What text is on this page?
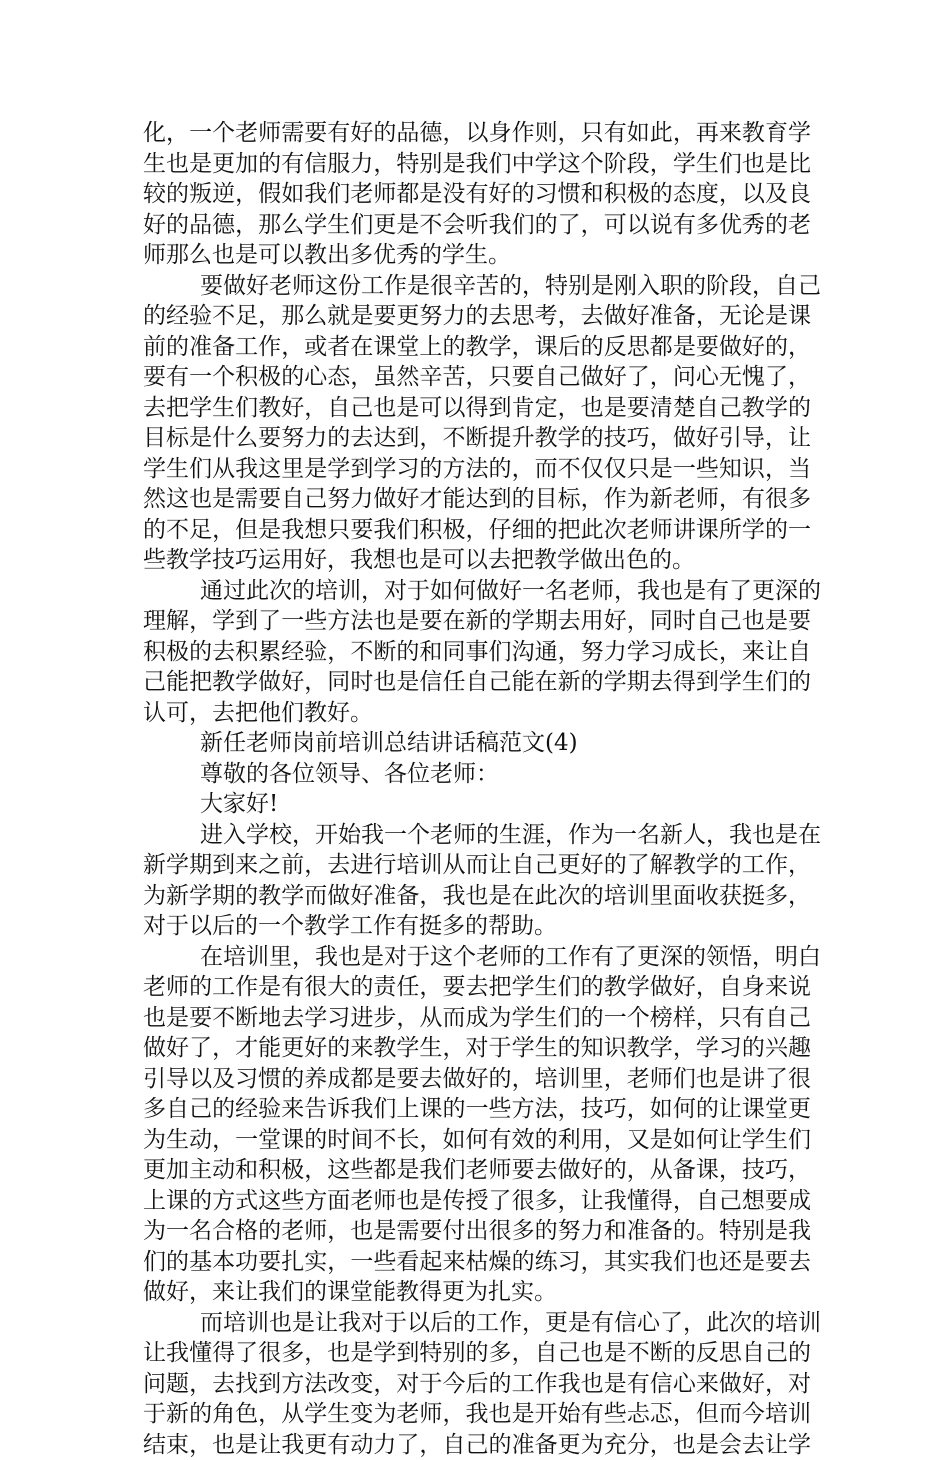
化，一个老师需要有好的品德，以身作则，只有如此，再来教育学
生也是更加的有信服力，特别是我们中学这个阶段，学生们也是比
较的叛逆，假如我们老师都是没有好的习惯和积极的态度，以及良
好的品德，那么学生们更是不会听我们的了，可以说有多优秀的老
师那么也是可以教出多优秀的学生。
要做好老师这份工作是很辛苦的，特别是刚入职的阶段，自己
的经验不足，那么就是要更努力的去思考，去做好准备，无论是课
前的准备工作，或者在课堂上的教学，课后的反思都是要做好的，
要有一个积极的心态，虽然辛苦，只要自己做好了，问心无愧了，
去把学生们教好，自己也是可以得到肯定，也是要清楚自己教学的
目标是什么要努力的去达到，不断提升教学的技巧，做好引导，让
学生们从我这里是学到学习的方法的，而不仅仅只是一些知识，当
然这也是需要自己努力做好才能达到的目标，作为新老师，有很多
的不足，但是我想只要我们积极，仔细的把此次老师讲课所学的一
些教学技巧运用好，我想也是可以去把教学做出色的。
通过此次的培训，对于如何做好一名老师，我也是有了更深的
理解，学到了一些方法也是要在新的学期去用好，同时自己也是要
积极的去积累经验，不断的和同事们沟通，努力学习成长，来让自
己能把教学做好，同时也是信任自己能在新的学期去得到学生们的
认可，去把他们教好。
新任老师岗前培训总结讲话稿范文(4)
尊敬的各位领导、各位老师：
大家好!
进入学校，开始我一个老师的生涯，作为一名新人，我也是在
新学期到来之前，去进行培训从而让自己更好的了解教学的工作，
为新学期的教学而做好准备，我也是在此次的培训里面收获挺多，
对于以后的一个教学工作有挺多的帮助。
在培训里，我也是对于这个老师的工作有了更深的领悟，明白
老师的工作是有很大的责任，要去把学生们的教学做好，自身来说
也是要不断地去学习进步，从而成为学生们的一个榜样，只有自己
做好了，才能更好的来教学生，对于学生的知识教学，学习的兴趣
引导以及习惯的养成都是要去做好的，培训里，老师们也是讲了很
多自己的经验来告诉我们上课的一些方法，技巧，如何的让课堂更
为生动，一堂课的时间不长，如何有效的利用，又是如何让学生们
更加主动和积极，这些都是我们老师要去做好的，从备课，技巧，
上课的方式这些方面老师也是传授了很多，让我懂得，自己想要成
为一名合格的老师，也是需要付出很多的努力和准备的。特别是我
们的基本功要扎实，一些看起来枯燥的练习，其实我们也还是要去
做好，来让我们的课堂能教得更为扎实。
而培训也是让我对于以后的工作，更是有信心了，此次的培训
让我懂得了很多，也是学到特别的多，自己也是不断的反思自己的
问题，去找到方法改变，对于今后的工作我也是有信心来做好，对
于新的角色，从学生变为老师，我也是开始有些忐忑，但而今培训
结束，也是让我更有动力了，自己的准备更为充分，也是会去让学
